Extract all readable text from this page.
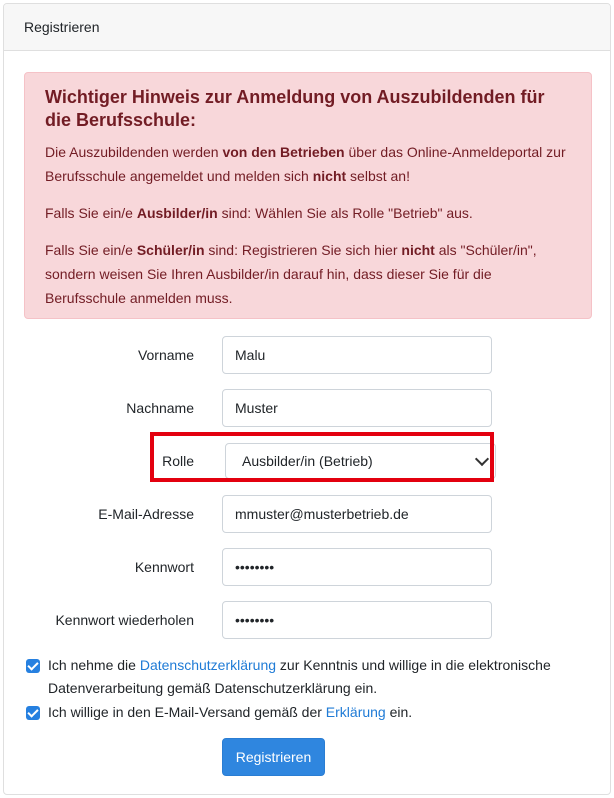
Registrieren
Wichtiger Hinweis zur Anmeldung von Auszubildenden für die Berufsschule:

Die Auszubildenden werden von den Betrieben über das Online-Anmeldeportal zur Berufsschule angemeldet und melden sich nicht selbst an!

Falls Sie ein/e Ausbilder/in sind: Wählen Sie als Rolle "Betrieb" aus.

Falls Sie ein/e Schüler/in sind: Registrieren Sie sich hier nicht als "Schüler/in", sondern weisen Sie Ihren Ausbilder/in darauf hin, dass dieser Sie für die Berufsschule anmelden muss.

Vorname	Malu
Nachname	Muster
Rolle	Ausbilder/in (Betrieb)
E-Mail-Adresse	mmuster@musterbetrieb.de
Kennwort	••••••••
Kennwort wiederholen	••••••••
Ich nehme die Datenschutzerklärung zur Kenntnis und willige in die elektronische Datenverarbeitung gemäß Datenschutzerklärung ein.
Ich willige in den E-Mail-Versand gemäß der Erklärung ein.
Registrieren
